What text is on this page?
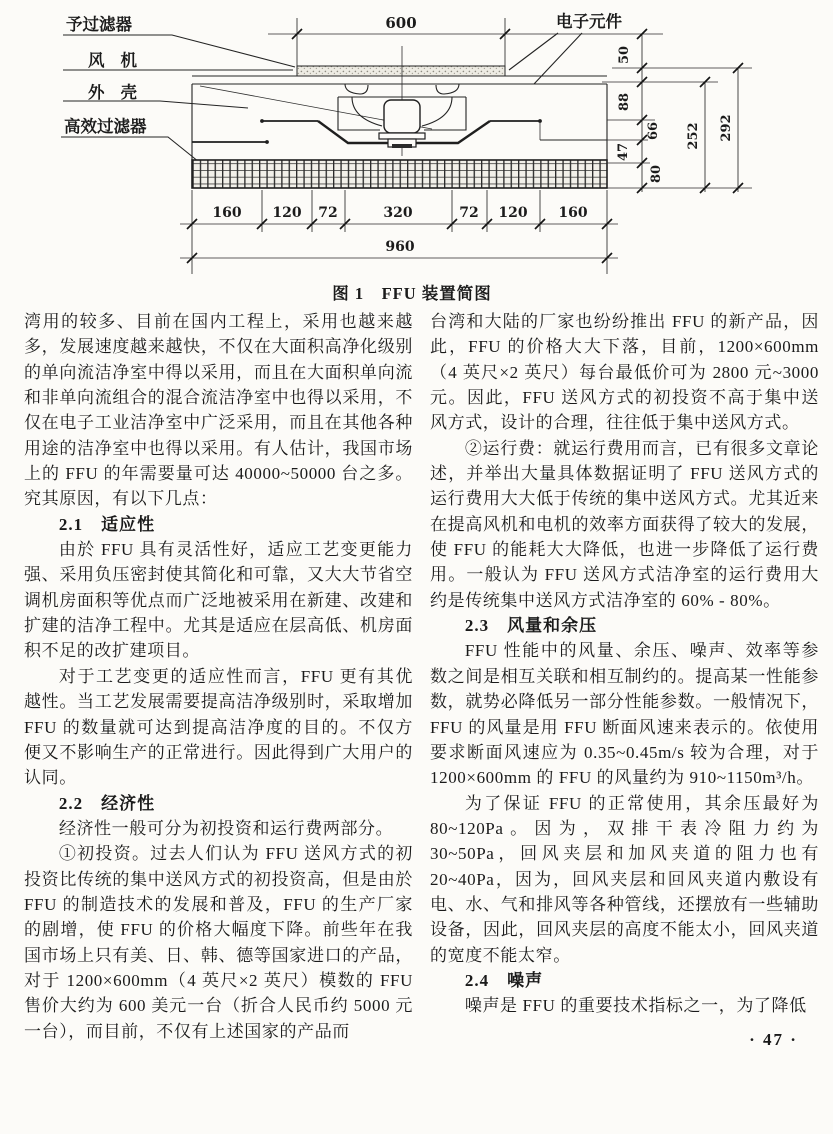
予过滤器
风机
外壳
高效过滤器
电子元件
600
50
88
66
47
80
252 292
160 120 72	320	72 120 160
960
图 1　FFU 装置简图

湾用的较多、目前在国内工程上，采用也越来越多，发展速度越来越快，不仅在大面积高净化级别的单向流洁净室中得以采用，而且在大面积单向流和非单向流组合的混合流洁净室中也得以采用，不仅在电子工业洁净室中广泛采用，而且在其他各种用途的洁净室中也得以采用。有人估计，我国市场上的 FFU 的年需要量可达 40000~50000 台之多。究其原因，有以下几点：

2.1　适应性

由於 FFU 具有灵活性好，适应工艺变更能力强、采用负压密封使其简化和可靠，又大大节省空调机房面积等优点而广泛地被采用在新建、改建和扩建的洁净工程中。尤其是适应在层高低、机房面积不足的改扩建项目。

对于工艺变更的适应性而言，FFU 更有其优越性。当工艺发展需要提高洁净级别时，采取增加 FFU 的数量就可达到提高洁净度的目的。不仅方便又不影响生产的正常进行。因此得到广大用户的认同。

2.2　经济性

经济性一般可分为初投资和运行费两部分。

①初投资。过去人们认为 FFU 送风方式的初投资比传统的集中送风方式的初投资高，但是由於 FFU 的制造技术的发展和普及，FFU 的生产厂家的剧增，使 FFU 的价格大幅度下降。前些年在我国市场上只有美、日、韩、德等国家进口的产品，对于 1200×600mm（4 英尺×2 英尺）模数的 FFU 售价大约为 600 美元一台（折合人民币约 5000 元一台），而目前，不仅有上述国家的产品而

台湾和大陆的厂家也纷纷推出 FFU 的新产品，因此，FFU 的价格大大下落，目前，1200×600mm（4 英尺×2 英尺）每台最低价可为 2800 元~3000 元。因此，FFU 送风方式的初投资不高于集中送风方式，设计的合理，往往低于集中送风方式。

②运行费：就运行费用而言，已有很多文章论述，并举出大量具体数据证明了 FFU 送风方式的运行费用大大低于传统的集中送风方式。尤其近来在提高风机和电机的效率方面获得了较大的发展，使 FFU 的能耗大大降低，也进一步降低了运行费用。一般认为 FFU 送风方式洁净室的运行费用大约是传统集中送风方式洁净室的 60% - 80%。

2.3　风量和余压

FFU 性能中的风量、余压、噪声、效率等参数之间是相互关联和相互制约的。提高某一性能参数，就势必降低另一部分性能参数。一般情况下，FFU 的风量是用 FFU 断面风速来表示的。依使用要求断面风速应为 0.35~0.45m/s 较为合理，对于 1200×600mm 的 FFU 的风量约为 910~1150m³/h。

为了保证 FFU 的正常使用，其余压最好为 80~120Pa。因为，双排干表冷阻力约为 30~50Pa，回风夹层和加风夹道的阻力也有 20~40Pa，因为，回风夹层和回风夹道内敷设有电、水、气和排风等各种管线，还摆放有一些辅助设备，因此，回风夹层的高度不能太小，回风夹道的宽度不能太窄。

2.4　噪声

噪声是 FFU 的重要技术指标之一，为了降低

· 47 ·
